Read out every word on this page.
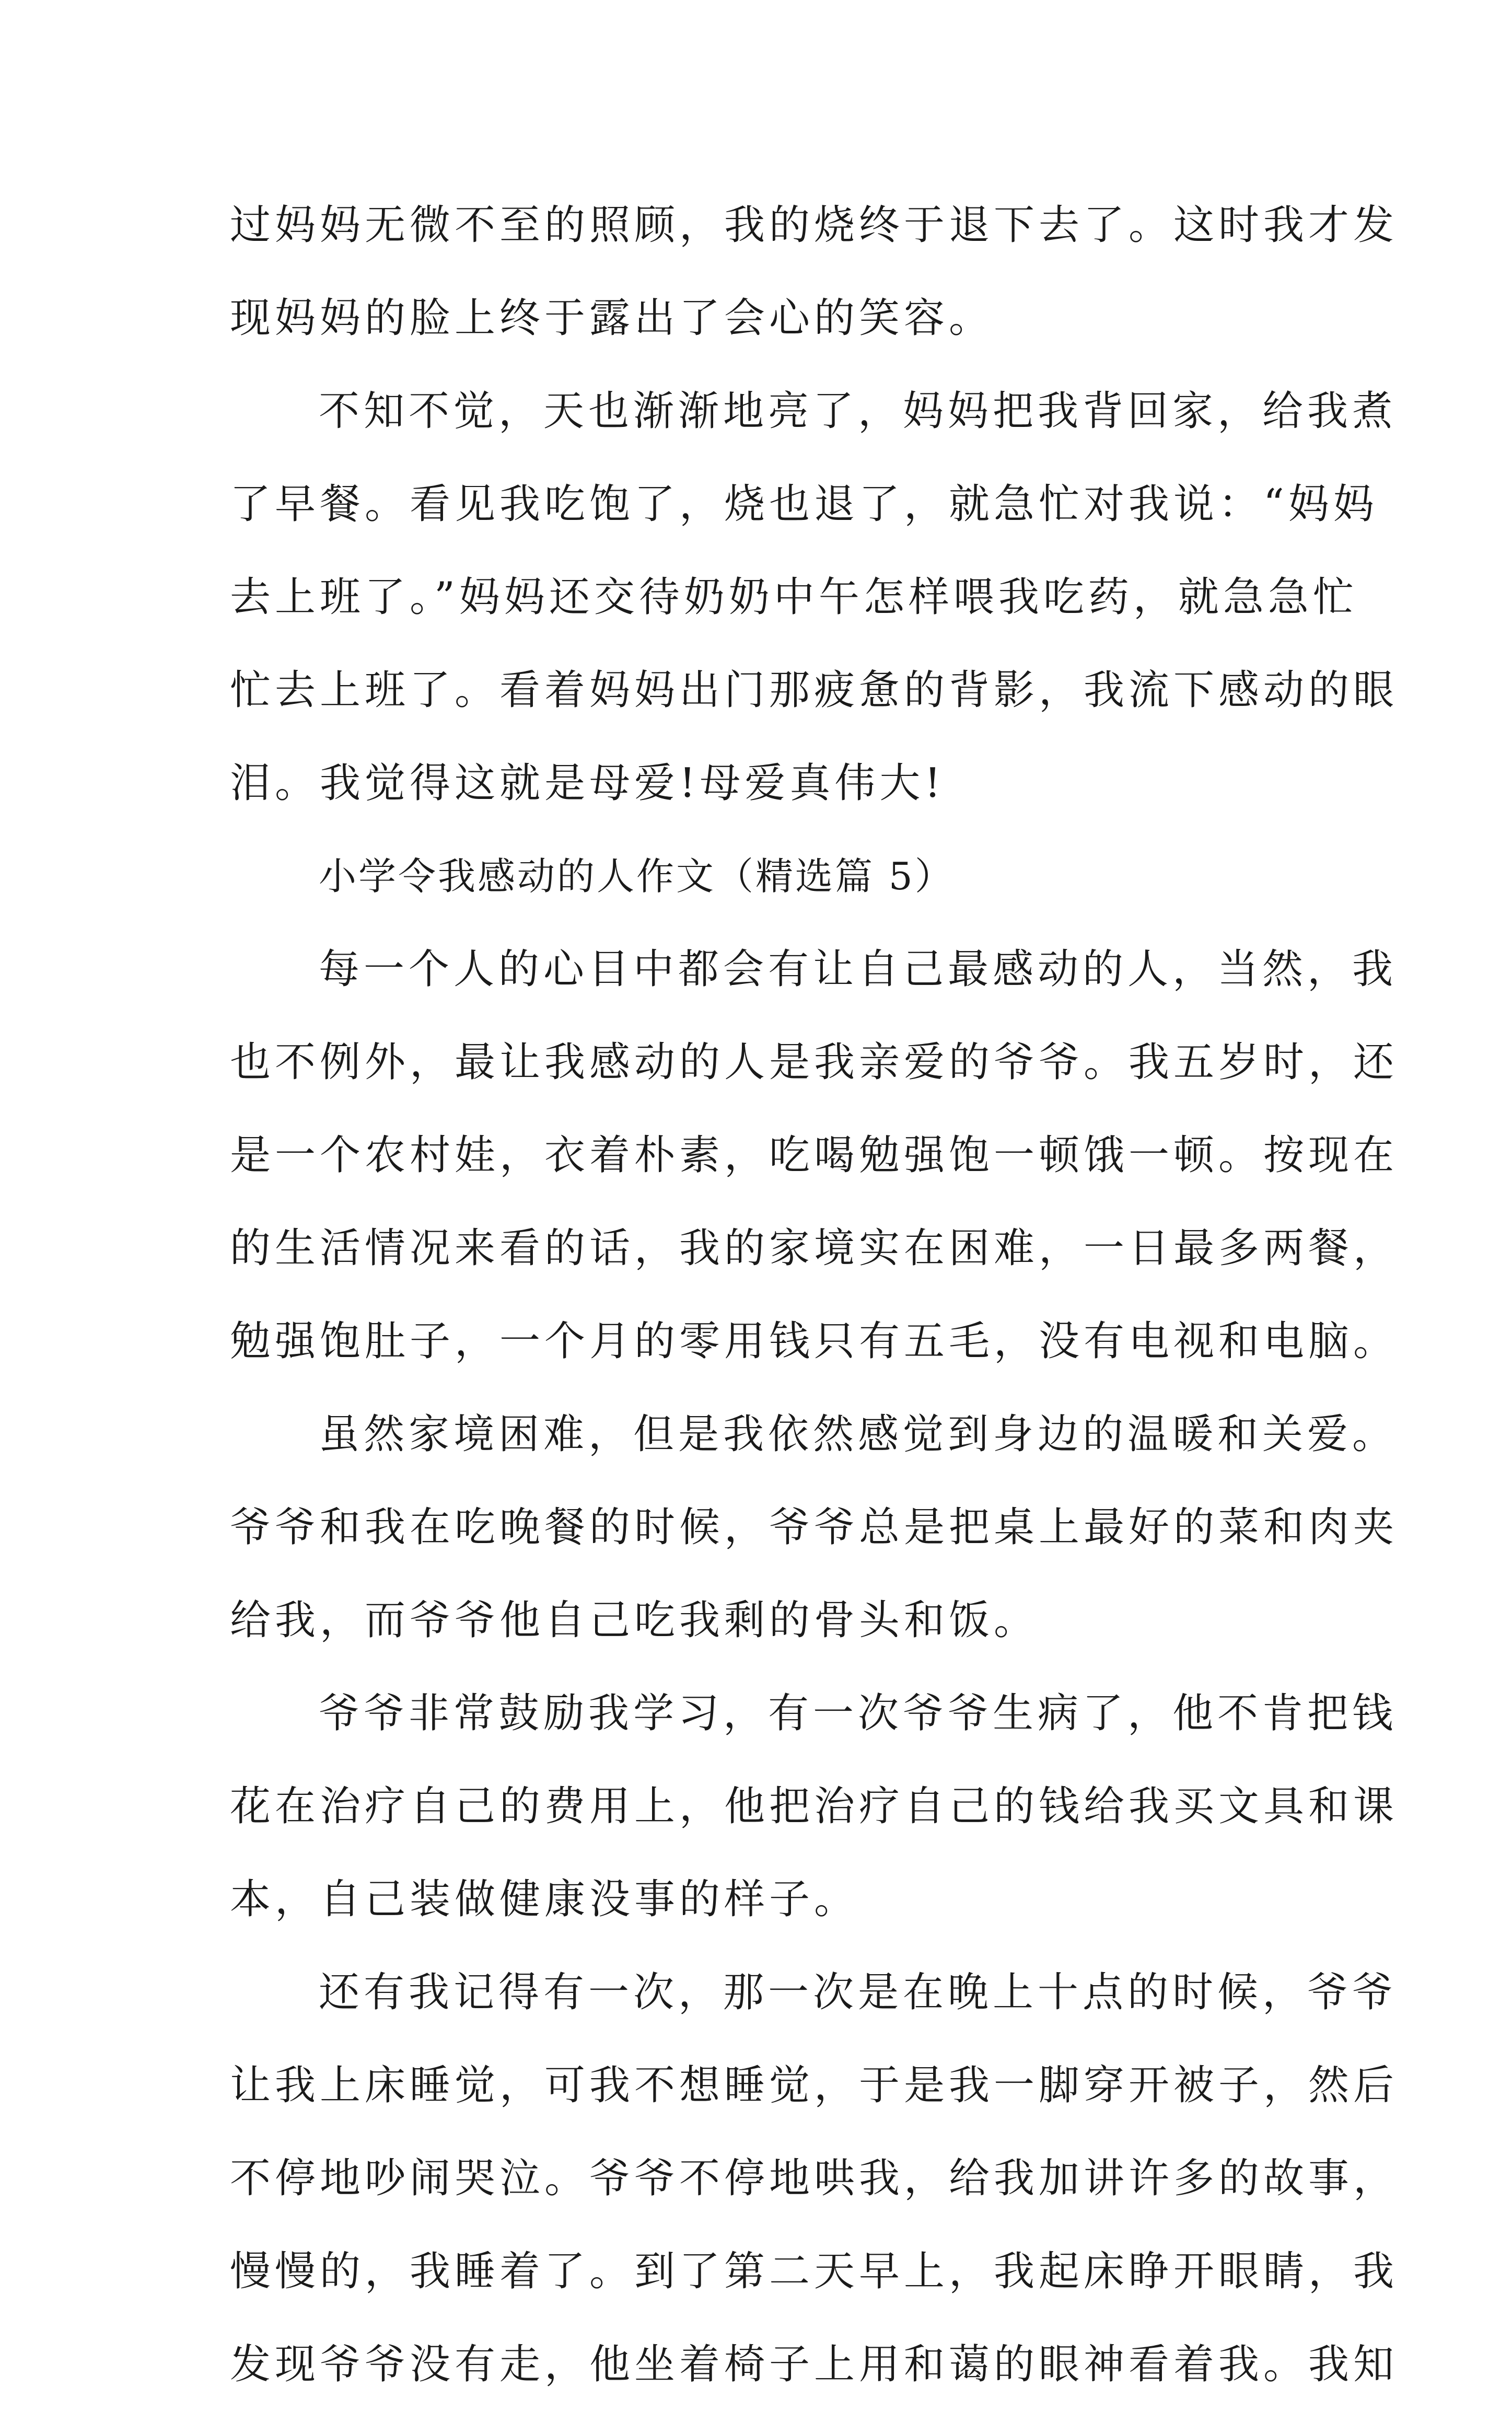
过妈妈无微不至的照顾，我的烧终于退下去了。这时我才发
现妈妈的脸上终于露出了会心的笑容。
不知不觉，天也渐渐地亮了，妈妈把我背回家，给我煮
了早餐。看见我吃饱了，烧也退了，就急忙对我说：“妈妈
去上班了。”妈妈还交待奶奶中午怎样喂我吃药，就急急忙
忙去上班了。看着妈妈出门那疲惫的背影，我流下感动的眼
泪。我觉得这就是母爱!母爱真伟大!
小学令我感动的人作文（精选篇 5）
每一个人的心目中都会有让自己最感动的人，当然，我
也不例外，最让我感动的人是我亲爱的爷爷。我五岁时，还
是一个农村娃，衣着朴素，吃喝勉强饱一顿饿一顿。按现在
的生活情况来看的话，我的家境实在困难，一日最多两餐，
勉强饱肚子，一个月的零用钱只有五毛，没有电视和电脑。
虽然家境困难，但是我依然感觉到身边的温暖和关爱。
爷爷和我在吃晚餐的时候，爷爷总是把桌上最好的菜和肉夹
给我，而爷爷他自己吃我剩的骨头和饭。
爷爷非常鼓励我学习，有一次爷爷生病了，他不肯把钱
花在治疗自己的费用上，他把治疗自己的钱给我买文具和课
本，自己装做健康没事的样子。
还有我记得有一次，那一次是在晚上十点的时候，爷爷
让我上床睡觉，可我不想睡觉，于是我一脚穿开被子，然后
不停地吵闹哭泣。爷爷不停地哄我，给我加讲许多的故事，
慢慢的，我睡着了。到了第二天早上，我起床睁开眼睛，我
发现爷爷没有走，他坐着椅子上用和蔼的眼神看着我。我知
